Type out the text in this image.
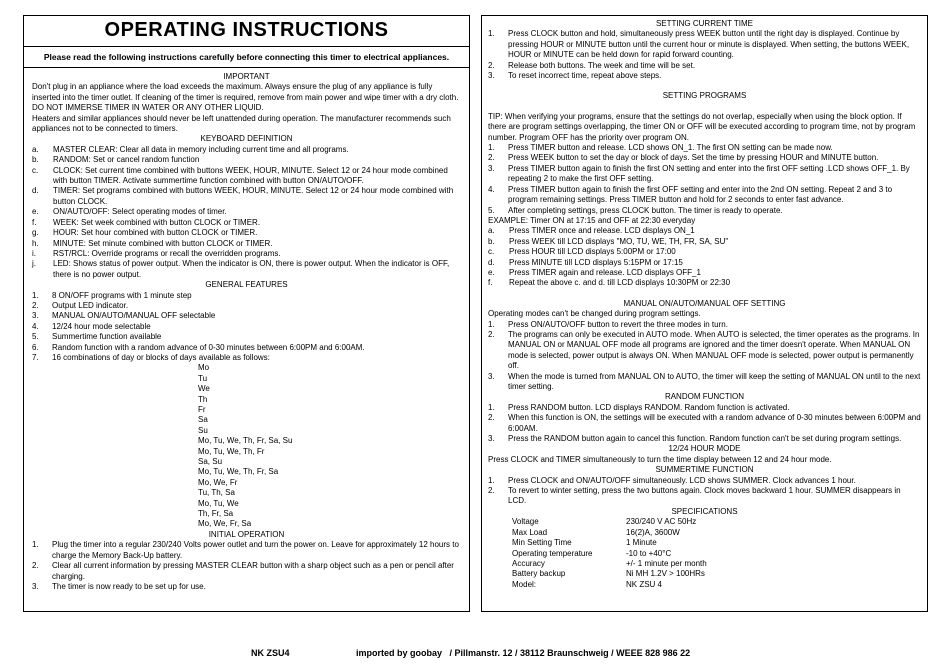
OPERATING INSTRUCTIONS
Please read the following instructions carefully before connecting this timer to electrical appliances.
IMPORTANT
Don't plug in an appliance where the load exceeds the maximum. Always ensure the plug of any appliance is fully inserted into the timer outlet. If cleaning of the timer is required, remove from main power and wipe timer with a dry cloth.
DO NOT IMMERSE TIMER IN WATER OR ANY OTHER LIQUID.
Heaters and similar appliances should never be left unattended during operation. The manufacturer recommends such appliances not to be connected to timers.
KEYBOARD DEFINITION
a.	MASTER CLEAR: Clear all data in memory including current time and all programs.
b.	RANDOM: Set or cancel random function
c.	CLOCK: Set current time combined with buttons WEEK, HOUR, MINUTE. Select 12 or 24 hour mode combined with button TIMER. Activate summertime function combined with button ON/AUTO/OFF.
d.	TIMER: Set programs combined with buttons WEEK, HOUR, MINUTE. Select 12 or 24 hour mode combined with button CLOCK.
e.	ON/AUTO/OFF: Select operating modes of timer.
f.	WEEK: Set week combined with button CLOCK or TIMER.
g.	HOUR: Set hour combined with button CLOCK or TIMER.
h.	MINUTE: Set minute combined with button CLOCK or TIMER.
i.	RST/RCL: Override programs or recall the overridden programs.
j.	LED: Shows status of power output. When the indicator is ON, there is power output. When the indicator is OFF, there is no power output.
GENERAL FEATURES
1.	8 ON/OFF programs with 1 minute step
2.	Output LED indicator.
3.	MANUAL ON/AUTO/MANUAL OFF selectable
4.	12/24 hour mode selectable
5.	Summertime function available
6.	Random function with a random advance of 0-30 minutes between 6:00PM and 6:00AM.
7.	16 combinations of day or blocks of days available as follows:
Mo
Tu
We
Th
Fr
Sa
Su
Mo, Tu, We, Th, Fr, Sa, Su
Mo, Tu, We, Th, Fr
Sa, Su
Mo, Tu, We, Th, Fr, Sa
Mo, We, Fr
Tu, Th, Sa
Mo, Tu, We
Th, Fr, Sa
Mo, We, Fr, Sa
INITIAL OPERATION
1.	Plug the timer into a regular 230/240 Volts power outlet and turn the power on. Leave for approximately 12 hours to charge the Memory Back-Up battery.
2.	Clear all current information by pressing MASTER CLEAR button with a sharp object such as a pen or pencil after charging.
3.	The timer is now ready to be set up for use.
SETTING CURRENT TIME
1.	Press CLOCK button and hold, simultaneously press WEEK button until the right day is displayed. Continue by pressing HOUR or MINUTE button until the current hour or minute is displayed. When setting, the buttons WEEK, HOUR or MINUTE can be held down for rapid forward counting.
2.	Release both buttons. The week and time will be set.
3.	To reset incorrect time, repeat above steps.
SETTING PROGRAMS
TIP: When verifying your programs, ensure that the settings do not overlap, especially when using the block option. If there are program settings overlapping, the timer ON or OFF will be executed according to program time, not by program number. Program OFF has the priority over program ON.
1.	Press TIMER button and release. LCD shows ON_1. The first ON setting can be made now.
2.	Press WEEK button to set the day or block of days. Set the time by pressing HOUR and MINUTE button.
3.	Press TIMER button again to finish the first ON setting and enter into the first OFF setting .LCD shows OFF_1. By repeating 2 to make the first OFF setting.
4.	Press TIMER button again to finish the first OFF setting and enter into the 2nd ON setting. Repeat 2 and 3 to program remaining settings. Press TIMER button and hold for 2 seconds to enter fast advance.
5.	After completing settings, press CLOCK button. The timer is ready to operate.
EXAMPLE: Timer ON at 17:15 and OFF at 22:30 everyday
a.	Press TIMER once and release. LCD displays ON_1
b.	Press WEEK till LCD displays "MO, TU, WE, TH, FR, SA, SU"
c.	Press HOUR till LCD displays 5:00PM or 17:00
d.	Press MINUTE till LCD displays 5:15PM or 17:15
e.	Press TIMER again and release. LCD displays OFF_1
f.	Repeat the above c. and d. till LCD displays 10:30PM or 22:30
MANUAL ON/AUTO/MANUAL OFF SETTING
Operating modes can't be changed during program settings.
1.	Press ON/AUTO/OFF button to revert the three modes in turn.
2.	The programs can only be executed in AUTO mode. When AUTO is selected, the timer operates as the programs. In MANUAL ON or MANUAL OFF mode all programs are ignored and the timer doesn't operate. When MANUAL ON mode is selected, power output is always ON. When MANUAL OFF mode is selected, power output is permanently off.
3.	When the mode is turned from MANUAL ON to AUTO, the timer will keep the setting of MANUAL ON until to the next timer setting.
RANDOM FUNCTION
1.	Press RANDOM button. LCD displays RANDOM. Random function is activated.
2.	When this function is ON, the settings will be executed with a random advance of 0-30 minutes between 6:00PM and 6:00AM.
3.	Press the RANDOM button again to cancel this function. Random function can't be set during program settings.
12/24 HOUR MODE
Press CLOCK and TIMER simultaneously to turn the time display between 12 and 24 hour mode.
SUMMERTIME FUNCTION
1.	Press CLOCK and ON/AUTO/OFF simultaneously. LCD shows SUMMER. Clock advances 1 hour.
2.	To revert to winter setting, press the two buttons again. Clock moves backward 1 hour. SUMMER disappears in LCD.
SPECIFICATIONS
Voltage	230/240 V AC 50Hz
Max Load	16(2)A, 3600W
Min Setting Time	1 Minute
Operating temperature	-10 to +40°C
Accuracy	+/- 1 minute per month
Battery backup	Ni MH 1.2V > 100HRs
Model:	NK ZSU 4
NK ZSU4	imported by goobay   / Pillmanstr. 12 / 38112 Braunschweig / WEEE 828 986 22
